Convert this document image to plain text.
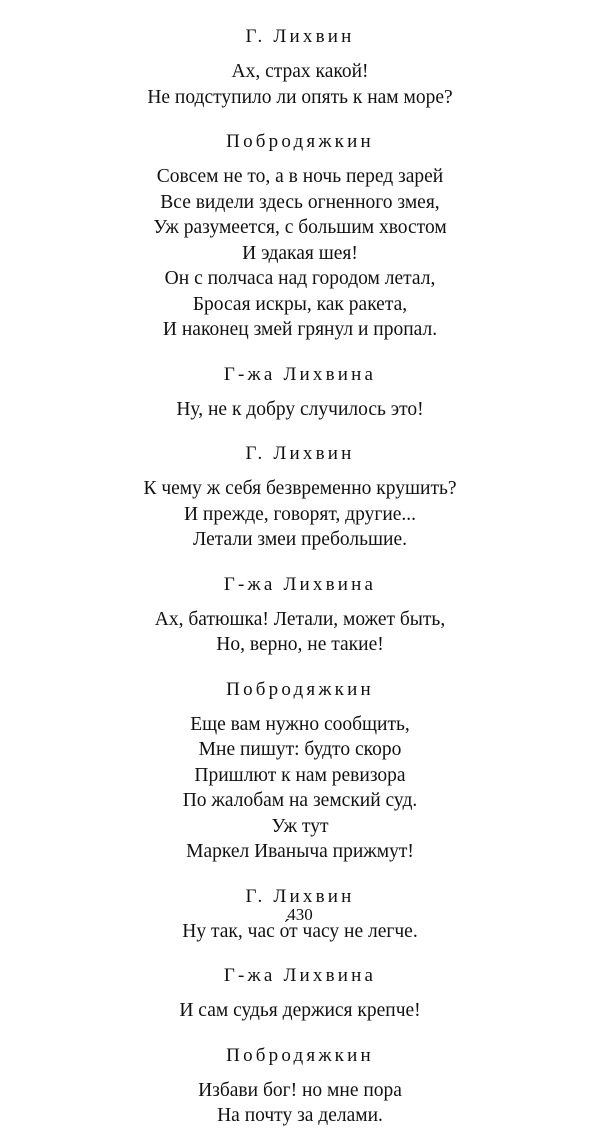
Г. Лихвин
Ах, страх какой!
Не подступило ли опять к нам море?
Побродяжкин
Совсем не то, а в ночь перед зарей
Все видели здесь огненного змея,
Уж разумеется, с большим хвостом
И эдакая шея!
Он с полчаса над городом летал,
Бросая искры, как ракета,
И наконец змей грянул и пропал.
Г-жа Лихвина
Ну, не к добру случилось это!
Г. Лихвин
К чему ж себя безвременно крушить?
И прежде, говорят, другие...
Летали змеи пребольшие.
Г-жа Лихвина
Ах, батюшка! Летали, может быть,
Но, верно, не такие!
Побродяжкин
Еще вам нужно сообщить,
Мне пишут: будто скоро
Пришлют к нам ревизора
По жалобам на земский суд.
Уж тут
Маркел Иваныча прижмут!
Г. Лихвин
Ну так, час о́т часу не легче.
Г-жа Лихвина
И сам судья держися крепче!
Побродяжкин
Избави бог! но мне пора
На почту за делами.
430
